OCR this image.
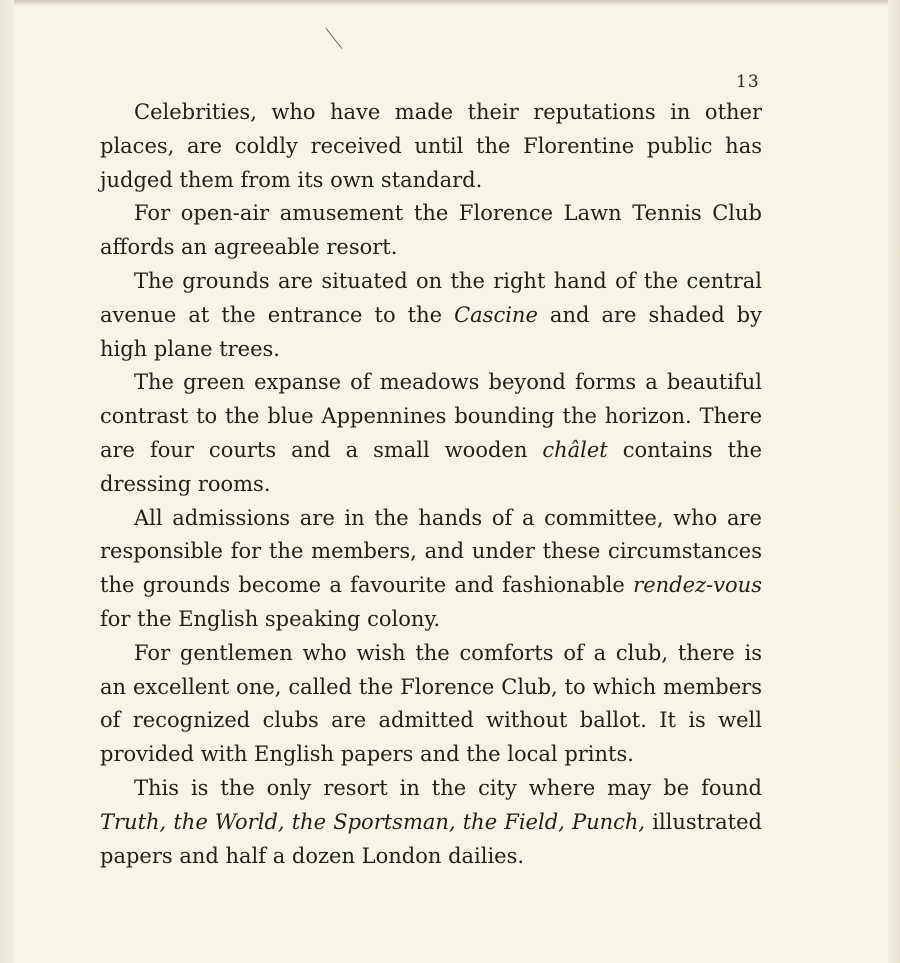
13

Celebrities, who have made their reputations in other places, are coldly received until the Florentine public has judged them from its own standard.

For open-air amusement the Florence Lawn Tennis Club affords an agreeable resort.

The grounds are situated on the right hand of the central avenue at the entrance to the Cascine and are shaded by high plane trees.

The green expanse of meadows beyond forms a beautiful contrast to the blue Appennines bounding the horizon. There are four courts and a small wooden châlet contains the dressing rooms.

All admissions are in the hands of a committee, who are responsible for the members, and under these circumstances the grounds become a favourite and fashionable rendez-vous for the English speaking colony.

For gentlemen who wish the comforts of a club, there is an excellent one, called the Florence Club, to which members of recognized clubs are admitted without ballot. It is well provided with English papers and the local prints.

This is the only resort in the city where may be found Truth, the World, the Sportsman, the Field, Punch, illustrated papers and half a dozen London dailies.
